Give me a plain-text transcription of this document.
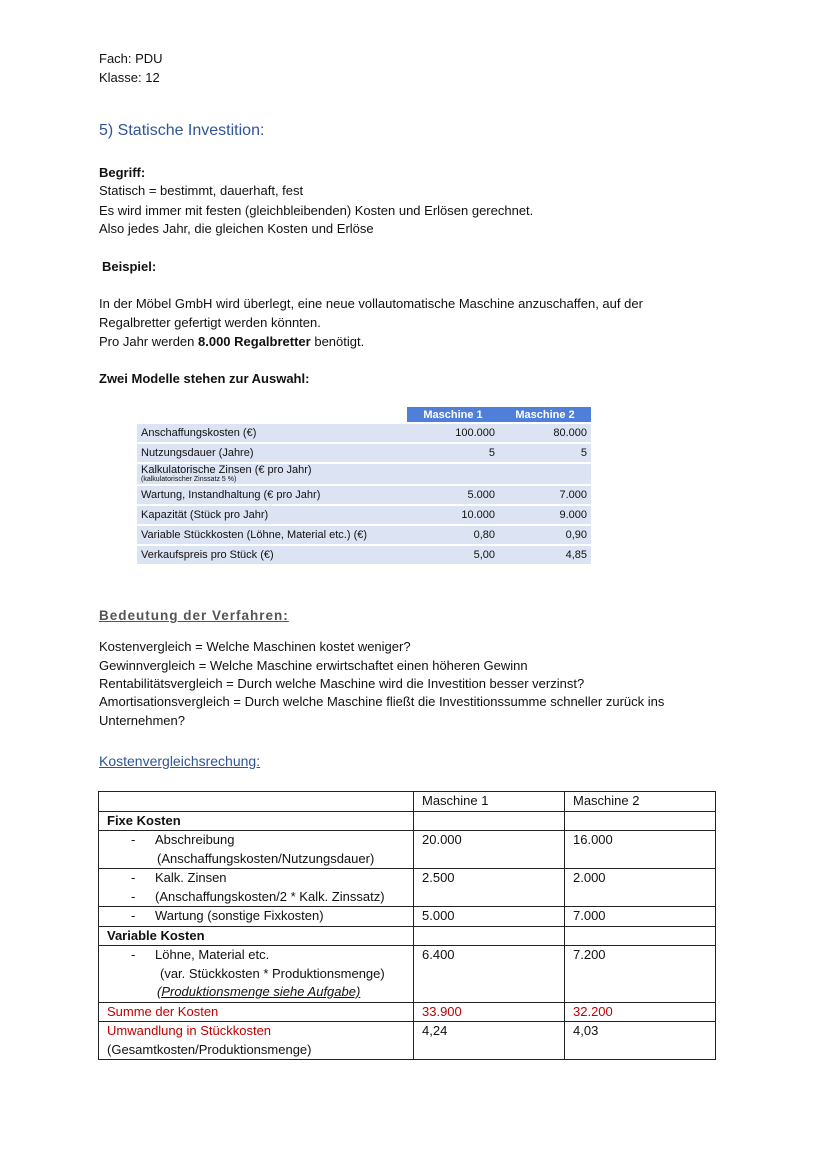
Fach: PDU
Klasse: 12
5) Statische Investition:
Begriff:
Statisch = bestimmt, dauerhaft, fest
Es wird immer mit festen (gleichbleibenden) Kosten und Erlösen gerechnet.
Also jedes Jahr, die gleichen Kosten und Erlöse
Beispiel:
In der Möbel GmbH wird überlegt, eine neue vollautomatische Maschine anzuschaffen, auf der
Regalbretter gefertigt werden könnten.
Pro Jahr werden 8.000 Regalbretter benötigt.
Zwei Modelle stehen zur Auswahl:
	Maschine 1	Maschine 2
Anschaffungskosten (€)	100.000	80.000
Nutzungsdauer (Jahre)	5	5
Kalkulatorische Zinsen (€ pro Jahr)
(kalkulatorischer Zinssatz 5 %)		

Wartung, Instandhaltung (€ pro Jahr)	5.000	7.000
Kapazität (Stück pro Jahr)	10.000	9.000
Variable Stückkosten (Löhne, Material etc.) (€)	0,80	0,90
Verkaufspreis pro Stück (€)	5,00	4,85
Bedeutung der Verfahren:
Kostenvergleich = Welche Maschinen kostet weniger?
Gewinnvergleich = Welche Maschine erwirtschaftet einen höheren Gewinn
Rentabilitätsvergleich = Durch welche Maschine wird die Investition besser verzinst?
Amortisationsvergleich = Durch welche Maschine fließt die Investitionssumme schneller zurück ins
Unternehmen?
Kostenvergleichsrechung:
	Maschine 1	Maschine 2
Fixe Kosten		
- Abschreibung
(Anschaffungskosten/Nutzungsdauer)	20.000	16.000
- Kalk. Zinsen
- (Anschaffungskosten/2 * Kalk. Zinssatz)	2.500	2.000
- Wartung (sonstige Fixkosten)	5.000	7.000
Variable Kosten		
- Löhne, Material etc.
(var. Stückkosten * Produktionsmenge)
(Produktionsmenge siehe Aufgabe)	6.400	7.200
Summe der Kosten	33.900	32.200
Umwandlung in Stückkosten
(Gesamtkosten/Produktionsmenge)	4,24	4,03
